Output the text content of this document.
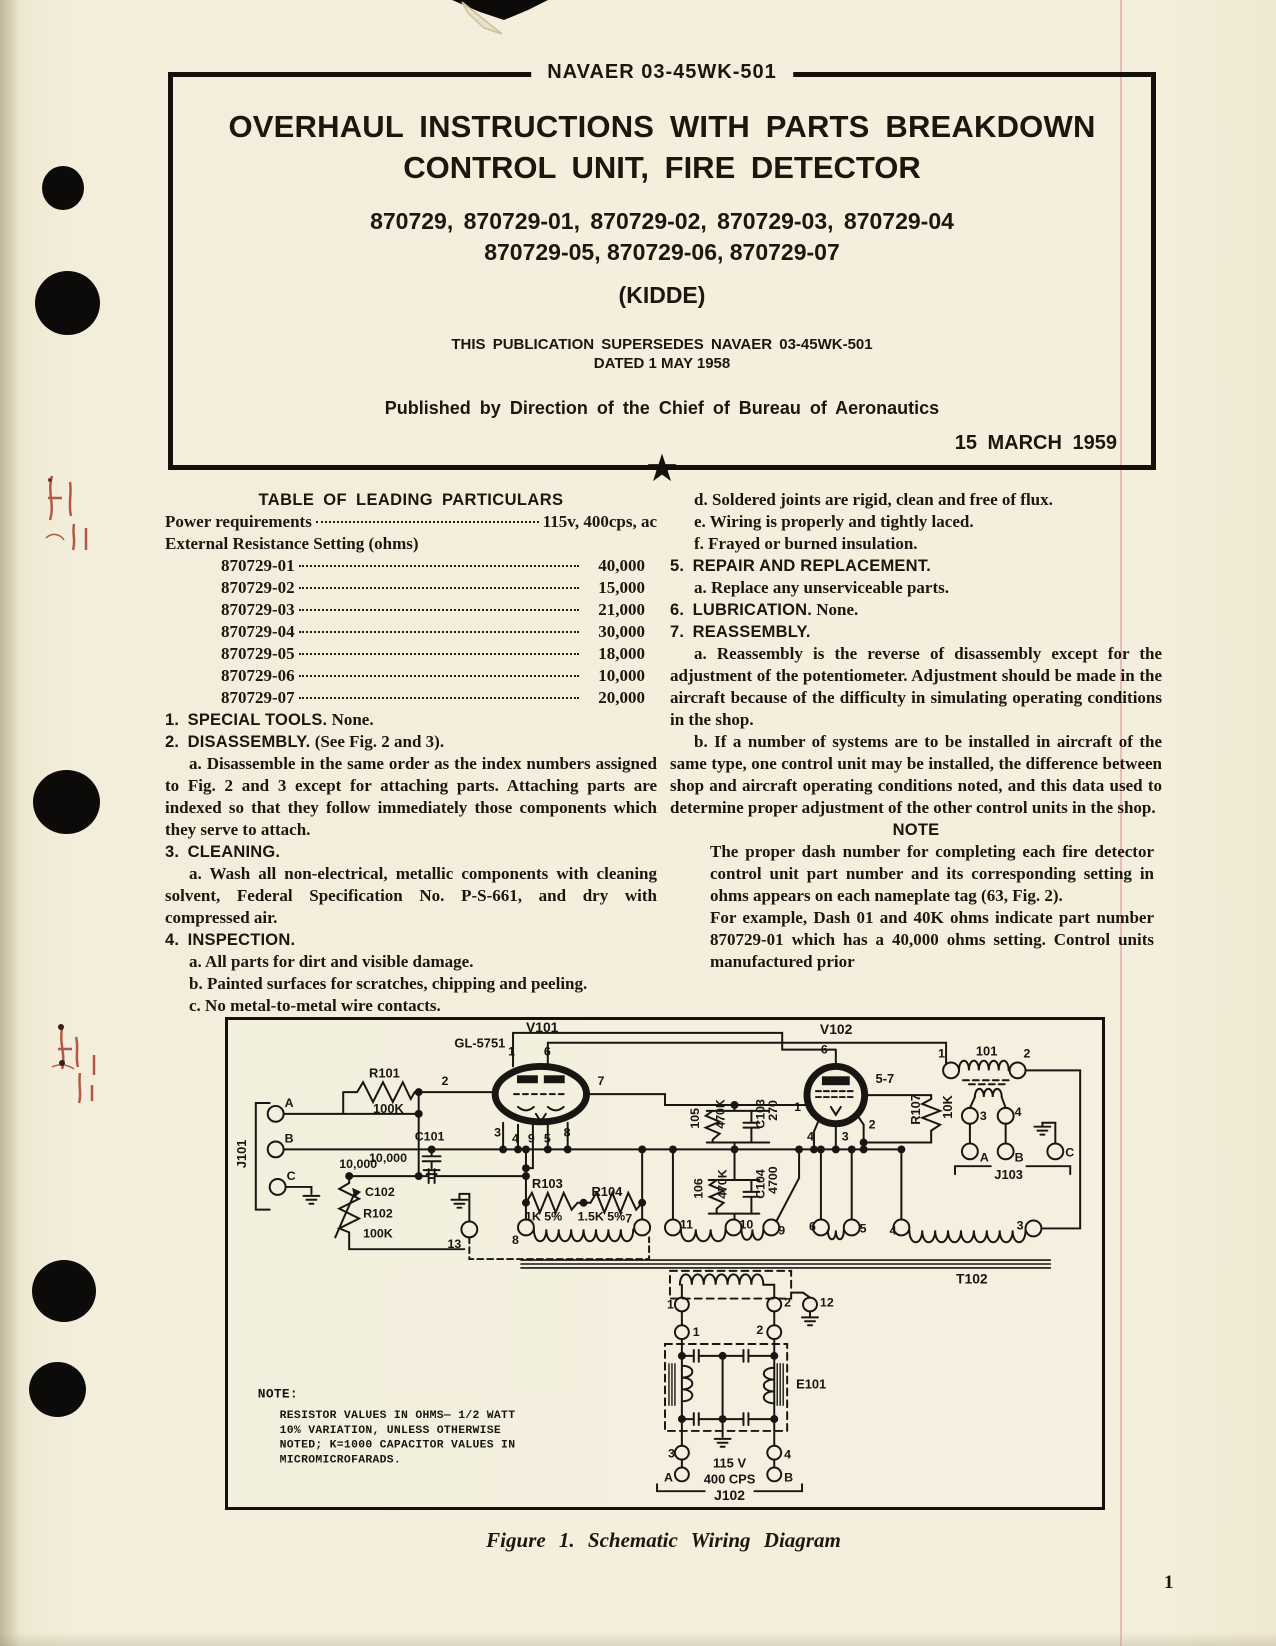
NAVAER 03-45WK-501
OVERHAUL INSTRUCTIONS WITH PARTS BREAKDOWN
CONTROL UNIT, FIRE DETECTOR
870729, 870729-01, 870729-02, 870729-03, 870729-04
870729-05, 870729-06, 870729-07
(KIDDE)
THIS PUBLICATION SUPERSEDES NAVAER 03-45WK-501
DATED 1 MAY 1958
Published by Direction of the Chief of Bureau of Aeronautics
15 MARCH 1959
★
TABLE OF LEADING PARTICULARS
Power requirements	115v, 400cps, ac
External Resistance Setting (ohms)
870729-01	40,000
870729-02	15,000
870729-03	21,000
870729-04	30,000
870729-05	18,000
870729-06	10,000
870729-07	20,000

1. SPECIAL TOOLS. None.

2. DISASSEMBLY. (See Fig. 2 and 3).

a. Disassemble in the same order as the index numbers assigned to Fig. 2 and 3 except for attaching parts. Attaching parts are indexed so that they follow immediately those components which they serve to attach.

3. CLEANING.

a. Wash all non-electrical, metallic components with cleaning solvent, Federal Specification No. P-S-661, and dry with compressed air.

4. INSPECTION.

a. All parts for dirt and visible damage.

b. Painted surfaces for scratches, chipping and peeling.

c. No metal-to-metal wire contacts.

d. Soldered joints are rigid, clean and free of flux.

e. Wiring is properly and tightly laced.

f. Frayed or burned insulation.

5. REPAIR AND REPLACEMENT.

a. Replace any unserviceable parts.

6. LUBRICATION. None.

7. REASSEMBLY.

a. Reassembly is the reverse of disassembly except for the adjustment of the potentiometer. Adjustment should be made in the aircraft because of the difficulty in simulating operating conditions in the shop.

b. If a number of systems are to be installed in aircraft of the same type, one control unit may be installed, the difference between shop and aircraft operating conditions noted, and this data used to determine proper adjustment of the other control units in the shop.

NOTE

The proper dash number for completing each fire detector control unit part number and its corresponding setting in ohms appears on each nameplate tag (63, Fig. 2).

For example, Dash 01 and 40K ohms indicate part number 870729-01 which has a 40,000 ohms setting. Control units manufactured prior

V101
GL-5751
1 6
2	7
3 4 9 5 8
R101
100K
A
B
C
J101
C101
10,000
10,000
C102
R102
100K
13
R103
1K 5%
R104
1.5K 5%
8
7	11	10 9
105 470K C103
270
106 470K C104
4700
V102
6
1
5-7
2
4 3
R107 10K
1 101 2
3 4
A B	C
J103
6	5 4	3
T102
1	2 12
1	2
E101
3	4
115 V
400 CPS
A	B
J102
NOTE:
RESISTOR VALUES IN OHMS— 1/2 WATT
10% VARIATION, UNLESS OTHERWISE
NOTED; K=1000 CAPACITOR VALUES IN
MICROMICROFARADS.
Figure 1. Schematic Wiring Diagram
1
